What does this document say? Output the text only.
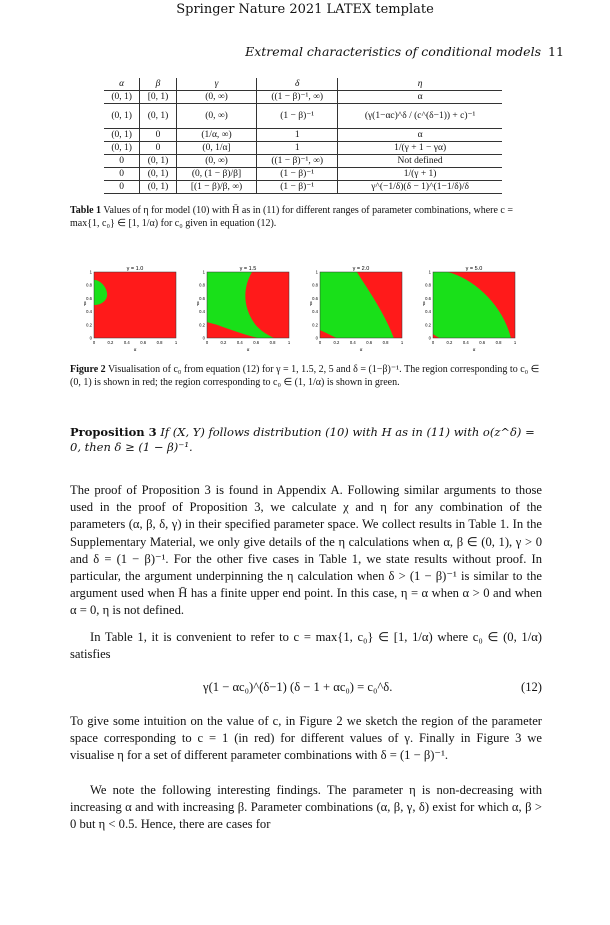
Springer Nature 2021 LATEX template
Extremal characteristics of conditional models 11
α	β	γ	δ	η
(0, 1)	[0, 1)	(0, ∞)	((1 − β)⁻¹, ∞)	α
(0, 1)	(0, 1)	(0, ∞)	(1 − β)⁻¹	(γ(1−αc)^δ / (c^(δ−1)) + c)⁻¹
(0, 1)	0	(1/α, ∞)	1	α
(0, 1)	0	(0, 1/α]	1	1/(γ + 1 − γα)
0	(0, 1)	(0, ∞)	((1 − β)⁻¹, ∞)	Not defined
0	(0, 1)	(0, (1 − β)/β]	(1 − β)⁻¹	1/(γ + 1)
0	(0, 1)	[(1 − β)/β, ∞)	(1 − β)⁻¹	γ^(−1/δ)(δ − 1)^(1−1/δ)/δ
Table 1 Values of η for model (10) with H̄ as in (11) for different ranges of parameter combinations, where c = max{1, c₀} ∈ [1, 1/α) for c₀ given in equation (12).
γ = 1.0
0	0.2	0.4	0.6	0.8	1
0
0.2
0.4
0.6
0.8
1
α
β
γ = 1.5
0	0.2	0.4	0.6	0.8	1
0
0.2
0.4
0.6
0.8
1
α
β
γ = 2.0
0	0.2	0.4	0.6	0.8	1
0
0.2
0.4
0.6
0.8
1
α
β
γ = 5.0
0	0.2	0.4	0.6	0.8	1
0
0.2
0.4
0.6
0.8
1
α
β
Figure 2 Visualisation of c₀ from equation (12) for γ = 1, 1.5, 2, 5 and δ = (1−β)⁻¹. The region corresponding to c₀ ∈ (0, 1) is shown in red; the region corresponding to c₀ ∈ (1, 1/α) is shown in green.
Proposition 3 If (X, Y) follows distribution (10) with H as in (11) with o(z^δ) = 0, then δ ≥ (1 − β)⁻¹.
The proof of Proposition 3 is found in Appendix A. Following similar arguments to those used in the proof of Proposition 3, we calculate χ and η for any combination of the parameters (α, β, δ, γ) in their specified parameter space. We collect results in Table 1. In the Supplementary Material, we only give details of the η calculations when α, β ∈ (0, 1), γ > 0 and δ = (1 − β)⁻¹. For the other five cases in Table 1, we state results without proof. In particular, the argument underpinning the η calculation when δ > (1 − β)⁻¹ is similar to the argument used when H̄ has a finite upper end point. In this case, η = α when α > 0 and when α = 0, η is not defined.
In Table 1, it is convenient to refer to c = max{1, c₀} ∈ [1, 1/α) where c₀ ∈ (0, 1/α) satisfies
γ(1 − αc₀)^(δ−1) (δ − 1 + αc₀) = c₀^δ.	(12)
To give some intuition on the value of c, in Figure 2 we sketch the region of the parameter space corresponding to c = 1 (in red) for different values of γ. Finally in Figure 3 we visualise η for a set of different parameter combinations with δ = (1 − β)⁻¹.
We note the following interesting findings. The parameter η is non-decreasing with increasing α and with increasing β. Parameter combinations (α, β, γ, δ) exist for which α, β > 0 but η < 0.5. Hence, there are cases for
